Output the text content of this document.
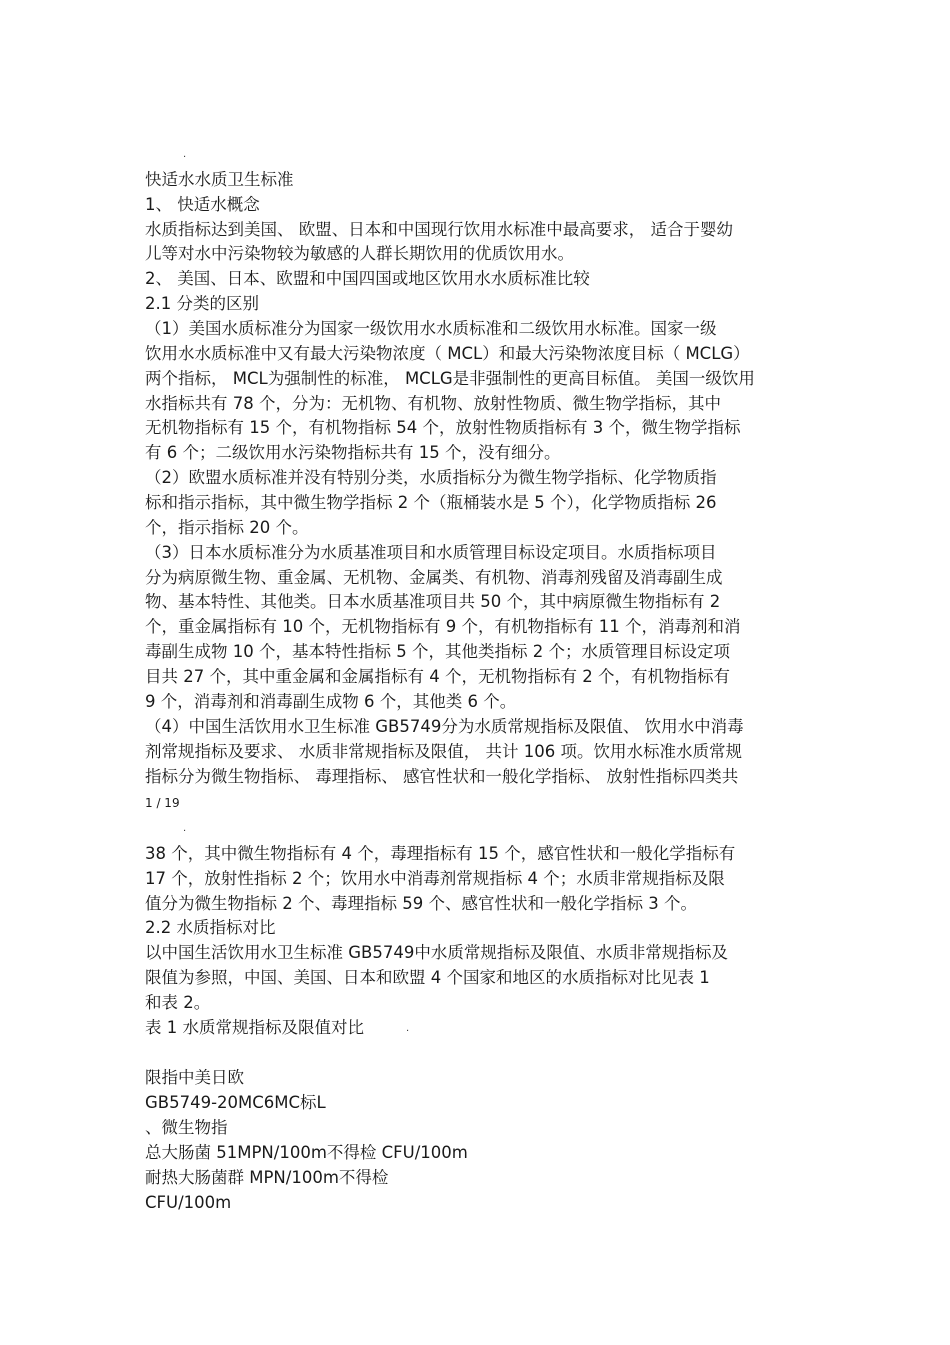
.
快适水水质卫生标准
1、 快适水概念
水质指标达到美国、 欧盟、日本和中国现行饮用水标准中最高要求， 适合于婴幼
儿等对水中污染物较为敏感的人群长期饮用的优质饮用水。
2、 美国、日本、欧盟和中国四国或地区饮用水水质标准比较
2.1 分类的区别
（1）美国水质标准分为国家一级饮用水水质标准和二级饮用水标准。国家一级
饮用水水质标准中又有最大污染物浓度（ MCL）和最大污染物浓度目标（ MCLG）
两个指标， MCL为强制性的标准， MCLG是非强制性的更高目标值。 美国一级饮用
水指标共有 78 个，分为：无机物、有机物、放射性物质、微生物学指标，其中
无机物指标有 15 个，有机物指标 54 个，放射性物质指标有 3 个，微生物学指标
有 6 个；二级饮用水污染物指标共有 15 个，没有细分。
（2）欧盟水质标准并没有特别分类，水质指标分为微生物学指标、化学物质指
标和指示指标，其中微生物学指标 2 个（瓶桶装水是 5 个），化学物质指标 26
个，指示指标 20 个。
（3）日本水质标准分为水质基准项目和水质管理目标设定项目。水质指标项目
分为病原微生物、重金属、无机物、金属类、有机物、消毒剂残留及消毒副生成
物、基本特性、其他类。日本水质基准项目共 50 个，其中病原微生物指标有 2
个，重金属指标有 10 个，无机物指标有 9 个，有机物指标有 11 个，消毒剂和消
毒副生成物 10 个，基本特性指标 5 个，其他类指标 2 个；水质管理目标设定项
目共 27 个，其中重金属和金属指标有 4 个，无机物指标有 2 个，有机物指标有
9 个，消毒剂和消毒副生成物 6 个，其他类 6 个。
（4）中国生活饮用水卫生标准 GB5749分为水质常规指标及限值、 饮用水中消毒
剂常规指标及要求、 水质非常规指标及限值， 共计 106 项。饮用水标准水质常规
指标分为微生物指标、 毒理指标、 感官性状和一般化学指标、 放射性指标四类共
1 / 19
.
38 个，其中微生物指标有 4 个，毒理指标有 15 个，感官性状和一般化学指标有
17 个，放射性指标 2 个；饮用水中消毒剂常规指标 4 个；水质非常规指标及限
值分为微生物指标 2 个、毒理指标 59 个、感官性状和一般化学指标 3 个。
2.2 水质指标对比
以中国生活饮用水卫生标准 GB5749中水质常规指标及限值、水质非常规指标及
限值为参照，中国、美国、日本和欧盟 4 个国家和地区的水质指标对比见表 1
和表 2。
表 1 水质常规指标及限值对比	.
限指中美日欧
GB5749-20MC6MC标L
、微生物指
总大肠菌 51MPN/100m不得检 CFU/100m
耐热大肠菌群 MPN/100m不得检
CFU/100m
